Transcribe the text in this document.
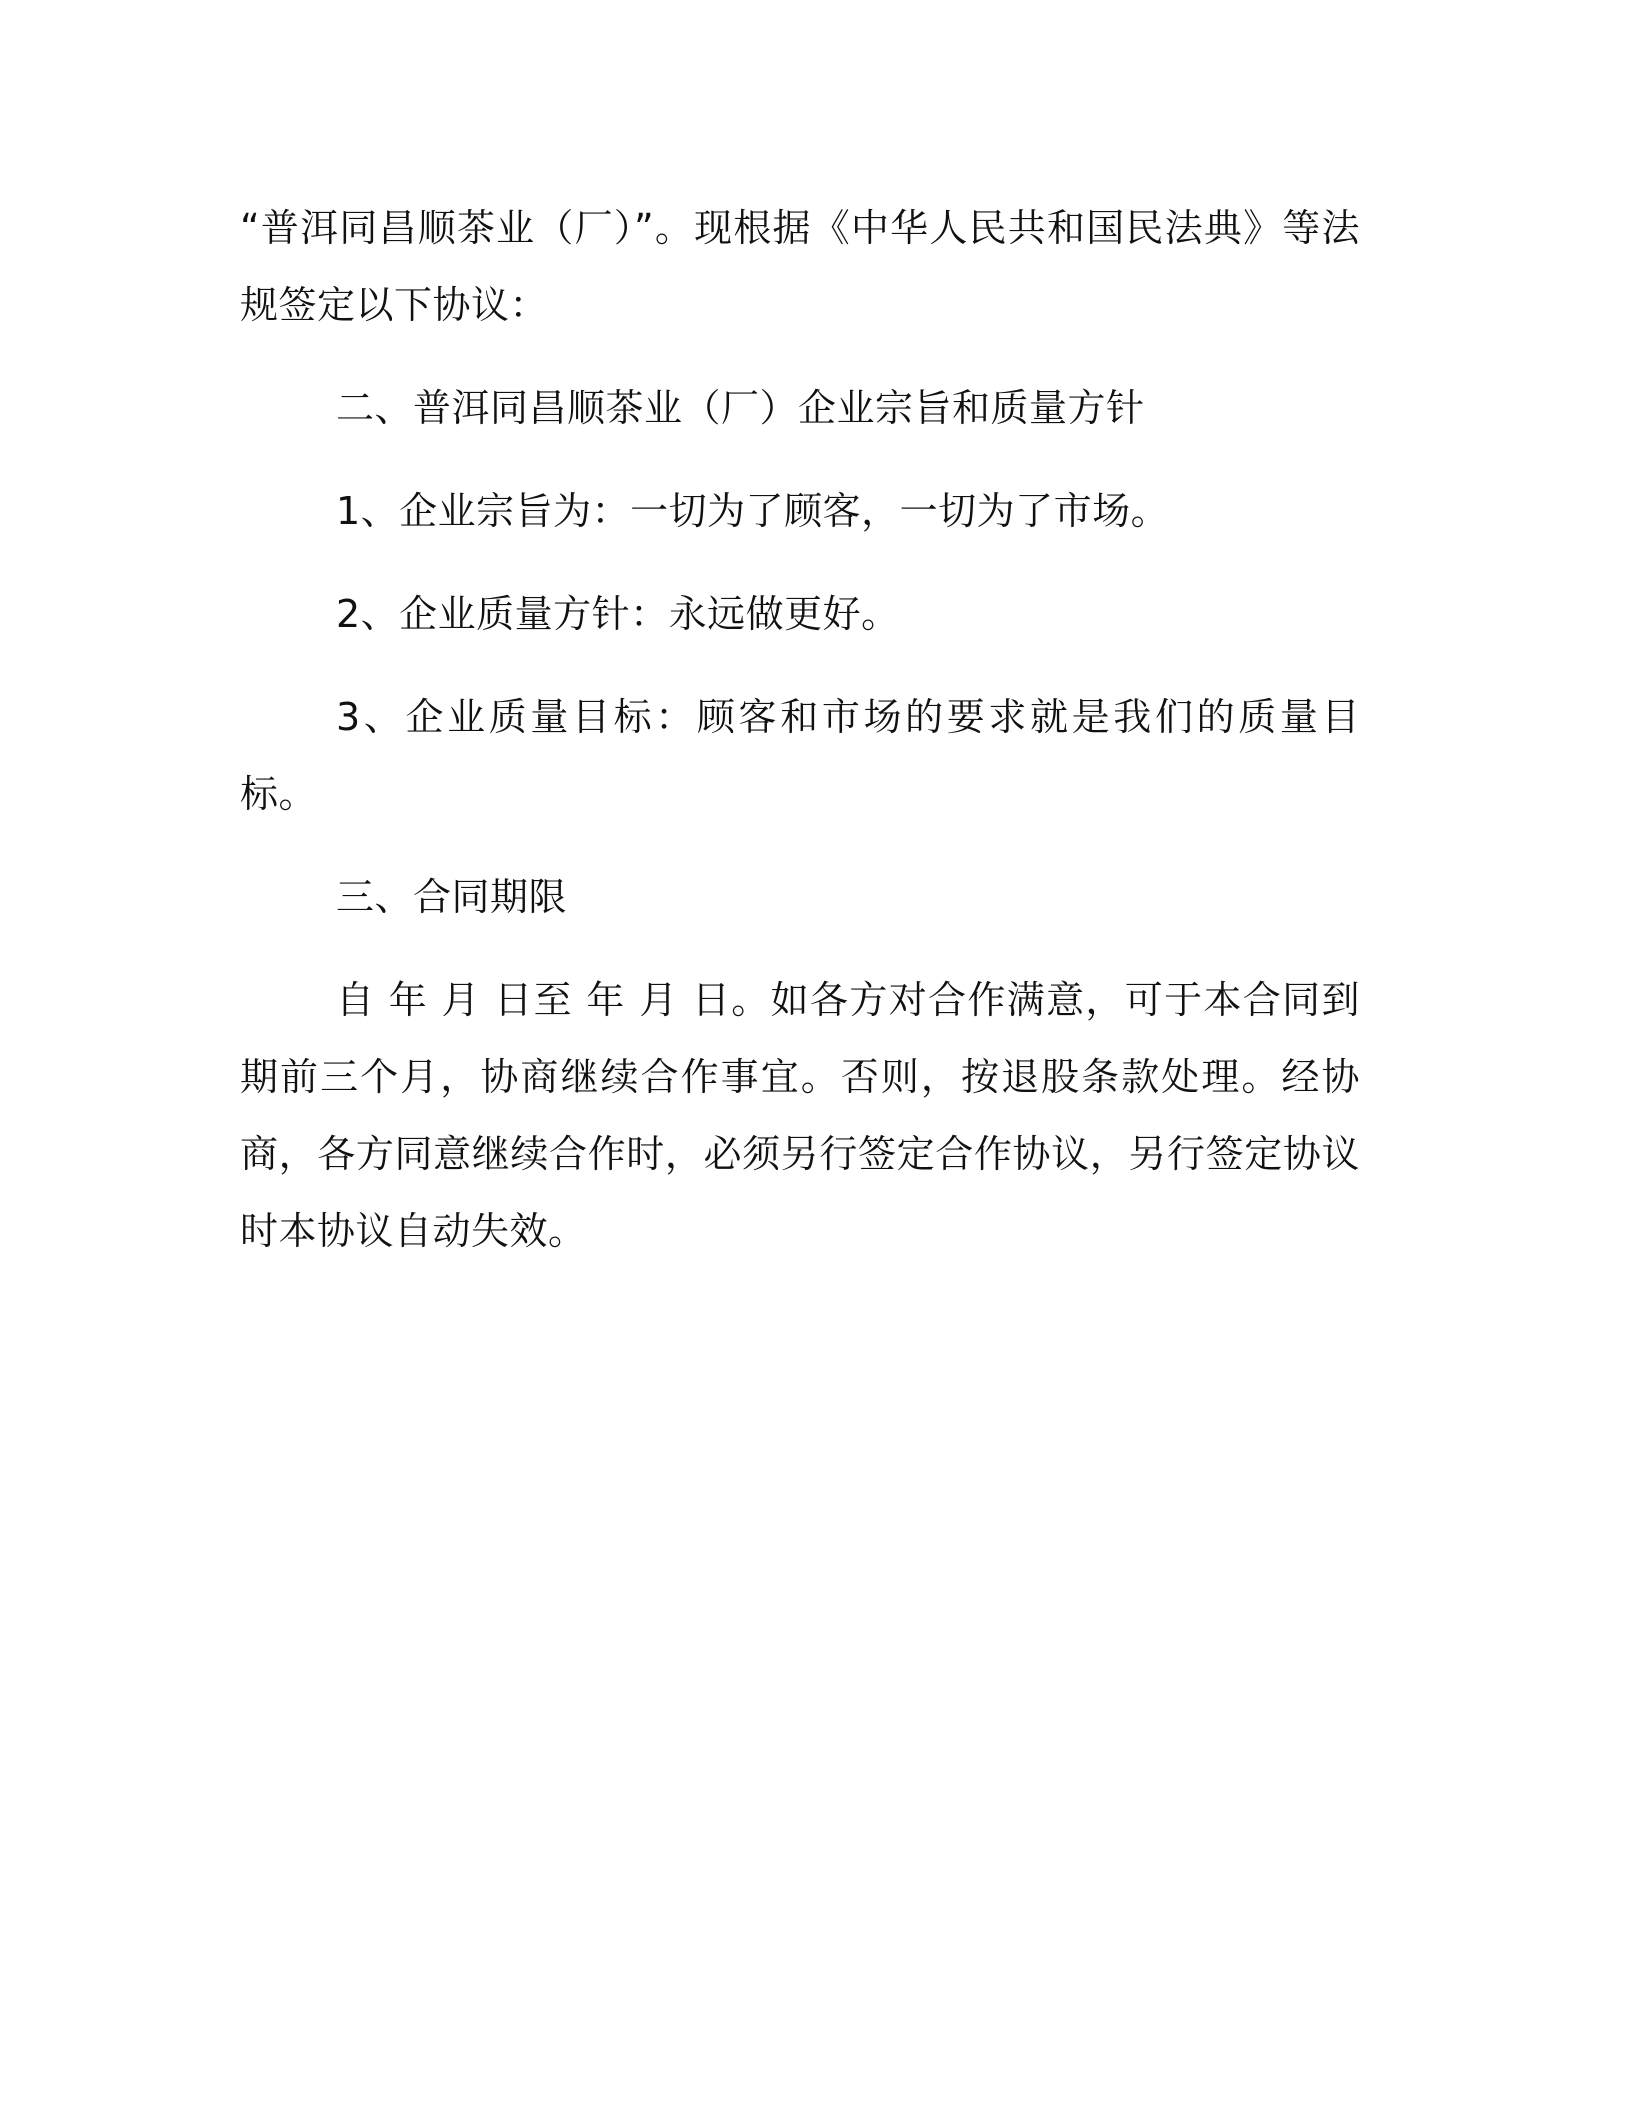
“普洱同昌顺茶业（厂）”。现根据《中华人民共和国民法典》等法规签定以下协议：

二、普洱同昌顺茶业（厂）企业宗旨和质量方针

1、企业宗旨为：一切为了顾客，一切为了市场。

2、企业质量方针：永远做更好。

3、企业质量目标：顾客和市场的要求就是我们的质量目标。

三、合同期限

自 年 月 日至 年 月 日。如各方对合作满意，可于本合同到期前三个月，协商继续合作事宜。否则，按退股条款处理。经协商，各方同意继续合作时，必须另行签定合作协议，另行签定协议时本协议自动失效。
